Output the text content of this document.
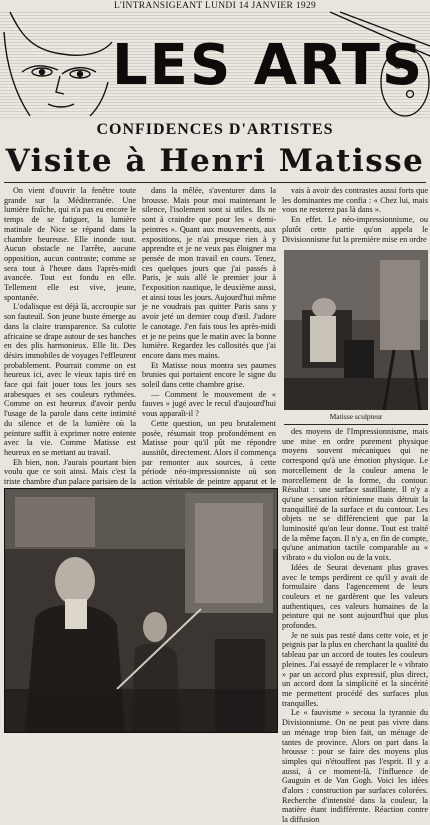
L'INTRANSIGEANT LUNDI 14 JANVIER 1929
LES ARTS
CONFIDENCES D'ARTISTES
Visite à Henri Matisse

On vient d'ouvrir la fenêtre toute grande sur la Méditerranée. Une lumière fraîche, qui n'a pas eu encore le temps de se fatiguer, la lumière matinale de Nice se répand dans la chambre heureuse. Elle inonde tout. Aucun obstacle ne l'arrête, aucune opposition, aucun contraste; comme se sera tout à l'heure dans l'après-midi avancée. Tout est fondu en elle. Tellement elle est vive, jeune, spontanée.

L'odalisque est déjà là, accroupie sur son fauteuil. Son jeune buste émerge au dans la claire transparence. Sa culotte africaine se drape autour de ses hanches en des plis harmonieux. Elle lit. Des désirs immobiles de voyages l'effleurent probablement. Pourrait comme on est heureux ici, avec le vieux tapis tiré en face qui fait jouer tous les jours ses arabesques et ses couleurs rythmées. Comme on est heureux d'avoir perdu l'usage de la parole dans cette intimité du silence et de la lumière où la peinture suffit à exprimer notre entente avec la vie. Comme Matisse est heureux en se mettant au travail.

Eh bien, non. J'aurais pourtant bien voulu que ce soit ainsi. Mais c'est la triste chambre d'un palace parisien de la

dans la mêlée, s'aventurer dans la brousse. Mais pour moi maintenant le silence, l'isolement sont si utiles. Ils ne sont à craindre que pour les « demi-peintres ». Quant aux mouvements, aux expositions, je n'ai presque rien à y apprendre et je ne veux pas éloigner ma pensée de mon travail en cours. Tenez, ces quelques jours que j'ai passés à Paris, je suis allé le premier jour à l'exposition nautique, le deuxième aussi, et ainsi tous les jours. Aujourd'hui même je ne voudrais pas quitter Paris sans y avoir jeté un dernier coup d'œil. J'adore le canotage. J'en fais tous les après-midi et je ne peins que le matin avec la bonne lumière. Regardez les callosités que j'ai encore dans mes mains.

Et Matisse nous montra ses paumes brunies qui portaient encore le signe du soleil dans cette chambre grise.

— Comment le mouvement de « fauves » jugé avec le recul d'aujourd'hui vous apparaît-il ?

Cette question, un peu brutalement posée, résumait trop profondément en Matisse pour qu'il pût me répondre aussitôt, directement. Alors il commença par remonter aux sources, à cette période néo-impressionniste où son action véritable de peintre apparut et le

vais à avoir des contrastes aussi forts que les dominantes me confia : « Chez lui, mais vous ne resterez pas là dans ».

En effet. Le néo-impressionnisme, ou plutôt cette partie qu'on appela le Divisionnisme fut la première mise en ordre

Matisse sculpteur

des moyens de l'Impressionnisme, mais une mise en ordre purement physique moyens souvent mécaniques qui ne correspond qu'à une émotion physique. Le morcellement de la couleur amena le morcellement de la forme, du contour. Résultat : une surface sautillante. Il n'y a qu'une sensation rétinienne mais détruit la tranquillité de la surface et du contour. Les objets ne se différencient que par la luminosité qu'on leur donne. Tout est traité de la même façon. Il n'y a, en fin de compte, qu'une animation tactile comparable au « vibrato » du violon ou de la voix.

Idées de Seurat devenant plus graves avec le temps perdirent ce qu'il y avait de formulaire dans l'agencement de leurs couleurs et ne gardèrent que les valeurs authentiques, ces valeurs humaines de la peinture qui ne sont aujourd'hui que plus profondes.

Je ne suis pas resté dans cette voie, et je peignis par la plus en cherchant la qualité du tableau par un accord de toutes les couleurs pleines. J'ai essayé de remplacer le « vibrato » par un accord plus expressif, plus direct, un accord dont la simplicité et la sincérité me permettent procédé des surfaces plus tranquilles.

Le « fauvisme » secoua la tyrannie du Divisionnisme. On ne peut pas vivre dans un ménage trop bien fait, un ménage de tantes de province. Alors on part dans la brousse : pour se faire des moyens plus simples qui n'étouffent pas l'esprit. Il y a aussi, à ce moment-là, l'influence de Gauguin et de Van Gogh. Voici les idées d'alors : construction par surfaces colorées. Recherche d'intensité dans la couleur, la matière étant indifférente. Réaction contre la diffusion
